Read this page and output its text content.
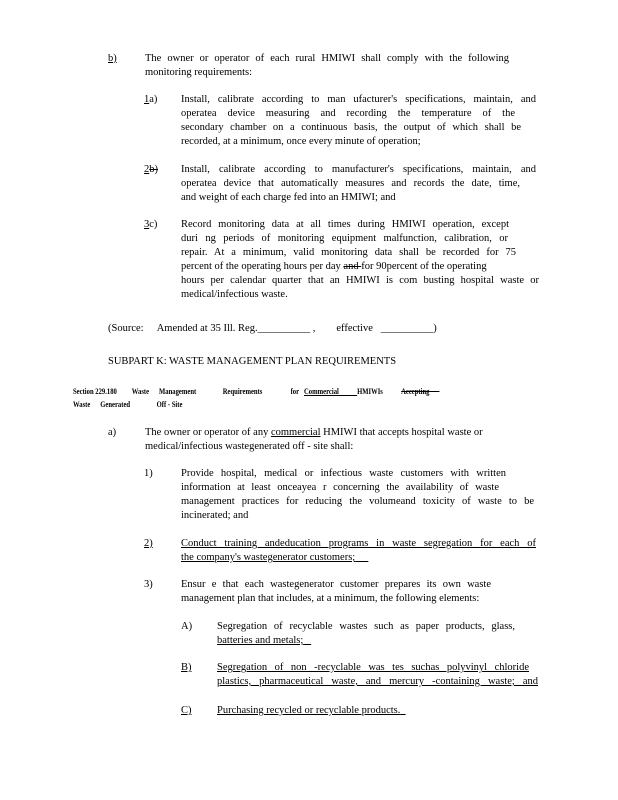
b)	The owner or operator of each rural HMIWI shall comply with the following
monitoring requirements:
1a) Install, calibrate according to man ufacturer's specifications, maintain, and
operatea device measuring and recording the temperature of the
secondary chamber on a continuous basis, the output of which shall be
recorded, at a minimum, once every minute of operation;
2b) Install, calibrate according to manufacturer's specifications, maintain, and
operatea device that automatically measures and records the date, time,
and weight of each charge fed into an HMIWI; and
3c) Record monitoring data at all times during HMIWI operation, except
duri ng periods of monitoring equipment malfunction, calibration, or
repair. At a minimum, valid monitoring data shall be recorded for 75
percent of the operating hours per day and for 90percent of the operating
hours per calendar quarter that an HMIWI is com busting hospital waste or
medical/infectious waste.
(Source: Amended at 35 Ill. Reg.__________ , effective __________)
SUBPART K: WASTE MANAGEMENT PLAN REQUIREMENTS
Section 229.180 Waste Management	Requirements	for Commercial HMIWIs Accepting
Waste Generated	Off - Site
a)	The owner or operator of any commercial HMIWI that accepts hospital waste or
medical/infectious wastegenerated off - site shall:
1)	Provide hospital, medical or infectious waste customers with written
information at least onceayea r concerning the availability of waste
management practices for reducing the volumeand toxicity of waste to be
incinerated; and
2)	Conduct training andeducation programs in waste segregation for each of
the company's wastegenerator customers;
3)	Ensur e that each wastegenerator customer prepares its own waste
management plan that includes, at a minimum, the following elements:
A) Segregation of recyclable wastes such as paper products, glass,
batteries and metals;
B) Segregation of non -recyclable was tes suchas polyvinyl chloride
plastics, pharmaceutical waste, and mercury -containing waste; and
C) Purchasing recycled or recyclable products.
